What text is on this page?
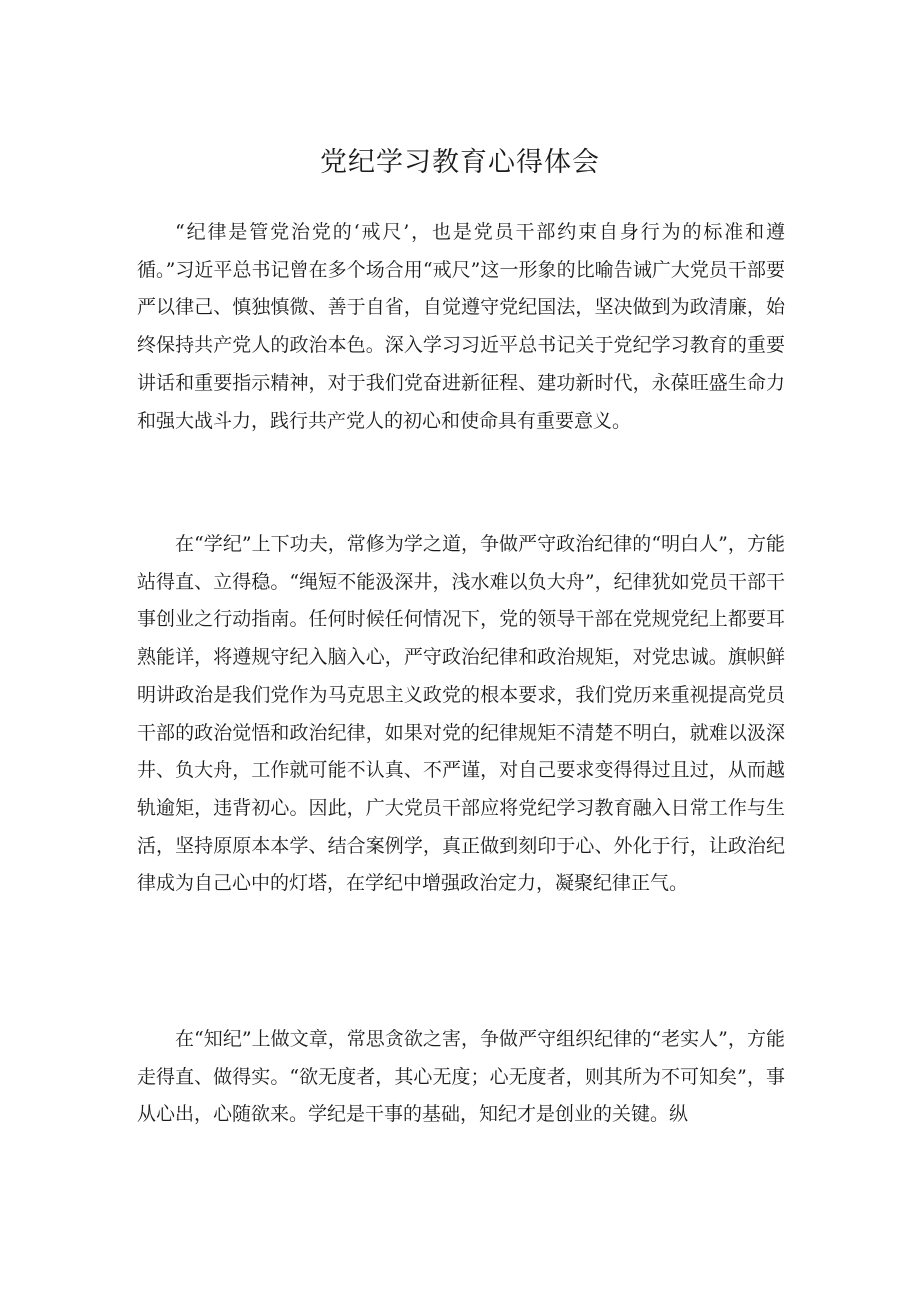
党纪学习教育心得体会

“纪律是管党治党的‘戒尺’，也是党员干部约束自身行为的标准和遵循。”习近平总书记曾在多个场合用“戒尺”这一形象的比喻告诫广大党员干部要严以律己、慎独慎微、善于自省，自觉遵守党纪国法，坚决做到为政清廉，始终保持共产党人的政治本色。深入学习习近平总书记关于党纪学习教育的重要讲话和重要指示精神，对于我们党奋进新征程、建功新时代，永葆旺盛生命力和强大战斗力，践行共产党人的初心和使命具有重要意义。

在“学纪”上下功夫，常修为学之道，争做严守政治纪律的“明白人”，方能站得直、立得稳。“绳短不能汲深井，浅水难以负大舟”，纪律犹如党员干部干事创业之行动指南。任何时候任何情况下，党的领导干部在党规党纪上都要耳熟能详，将遵规守纪入脑入心，严守政治纪律和政治规矩，对党忠诚。旗帜鲜明讲政治是我们党作为马克思主义政党的根本要求，我们党历来重视提高党员干部的政治觉悟和政治纪律，如果对党的纪律规矩不清楚不明白，就难以汲深井、负大舟，工作就可能不认真、不严谨，对自己要求变得得过且过，从而越轨逾矩，违背初心。因此，广大党员干部应将党纪学习教育融入日常工作与生活，坚持原原本本学、结合案例学，真正做到刻印于心、外化于行，让政治纪律成为自己心中的灯塔，在学纪中增强政治定力，凝聚纪律正气。

在“知纪”上做文章，常思贪欲之害，争做严守组织纪律的“老实人”，方能走得直、做得实。“欲无度者，其心无度；心无度者，则其所为不可知矣”，事从心出，心随欲来。学纪是干事的基础，知纪才是创业的关键。纵
